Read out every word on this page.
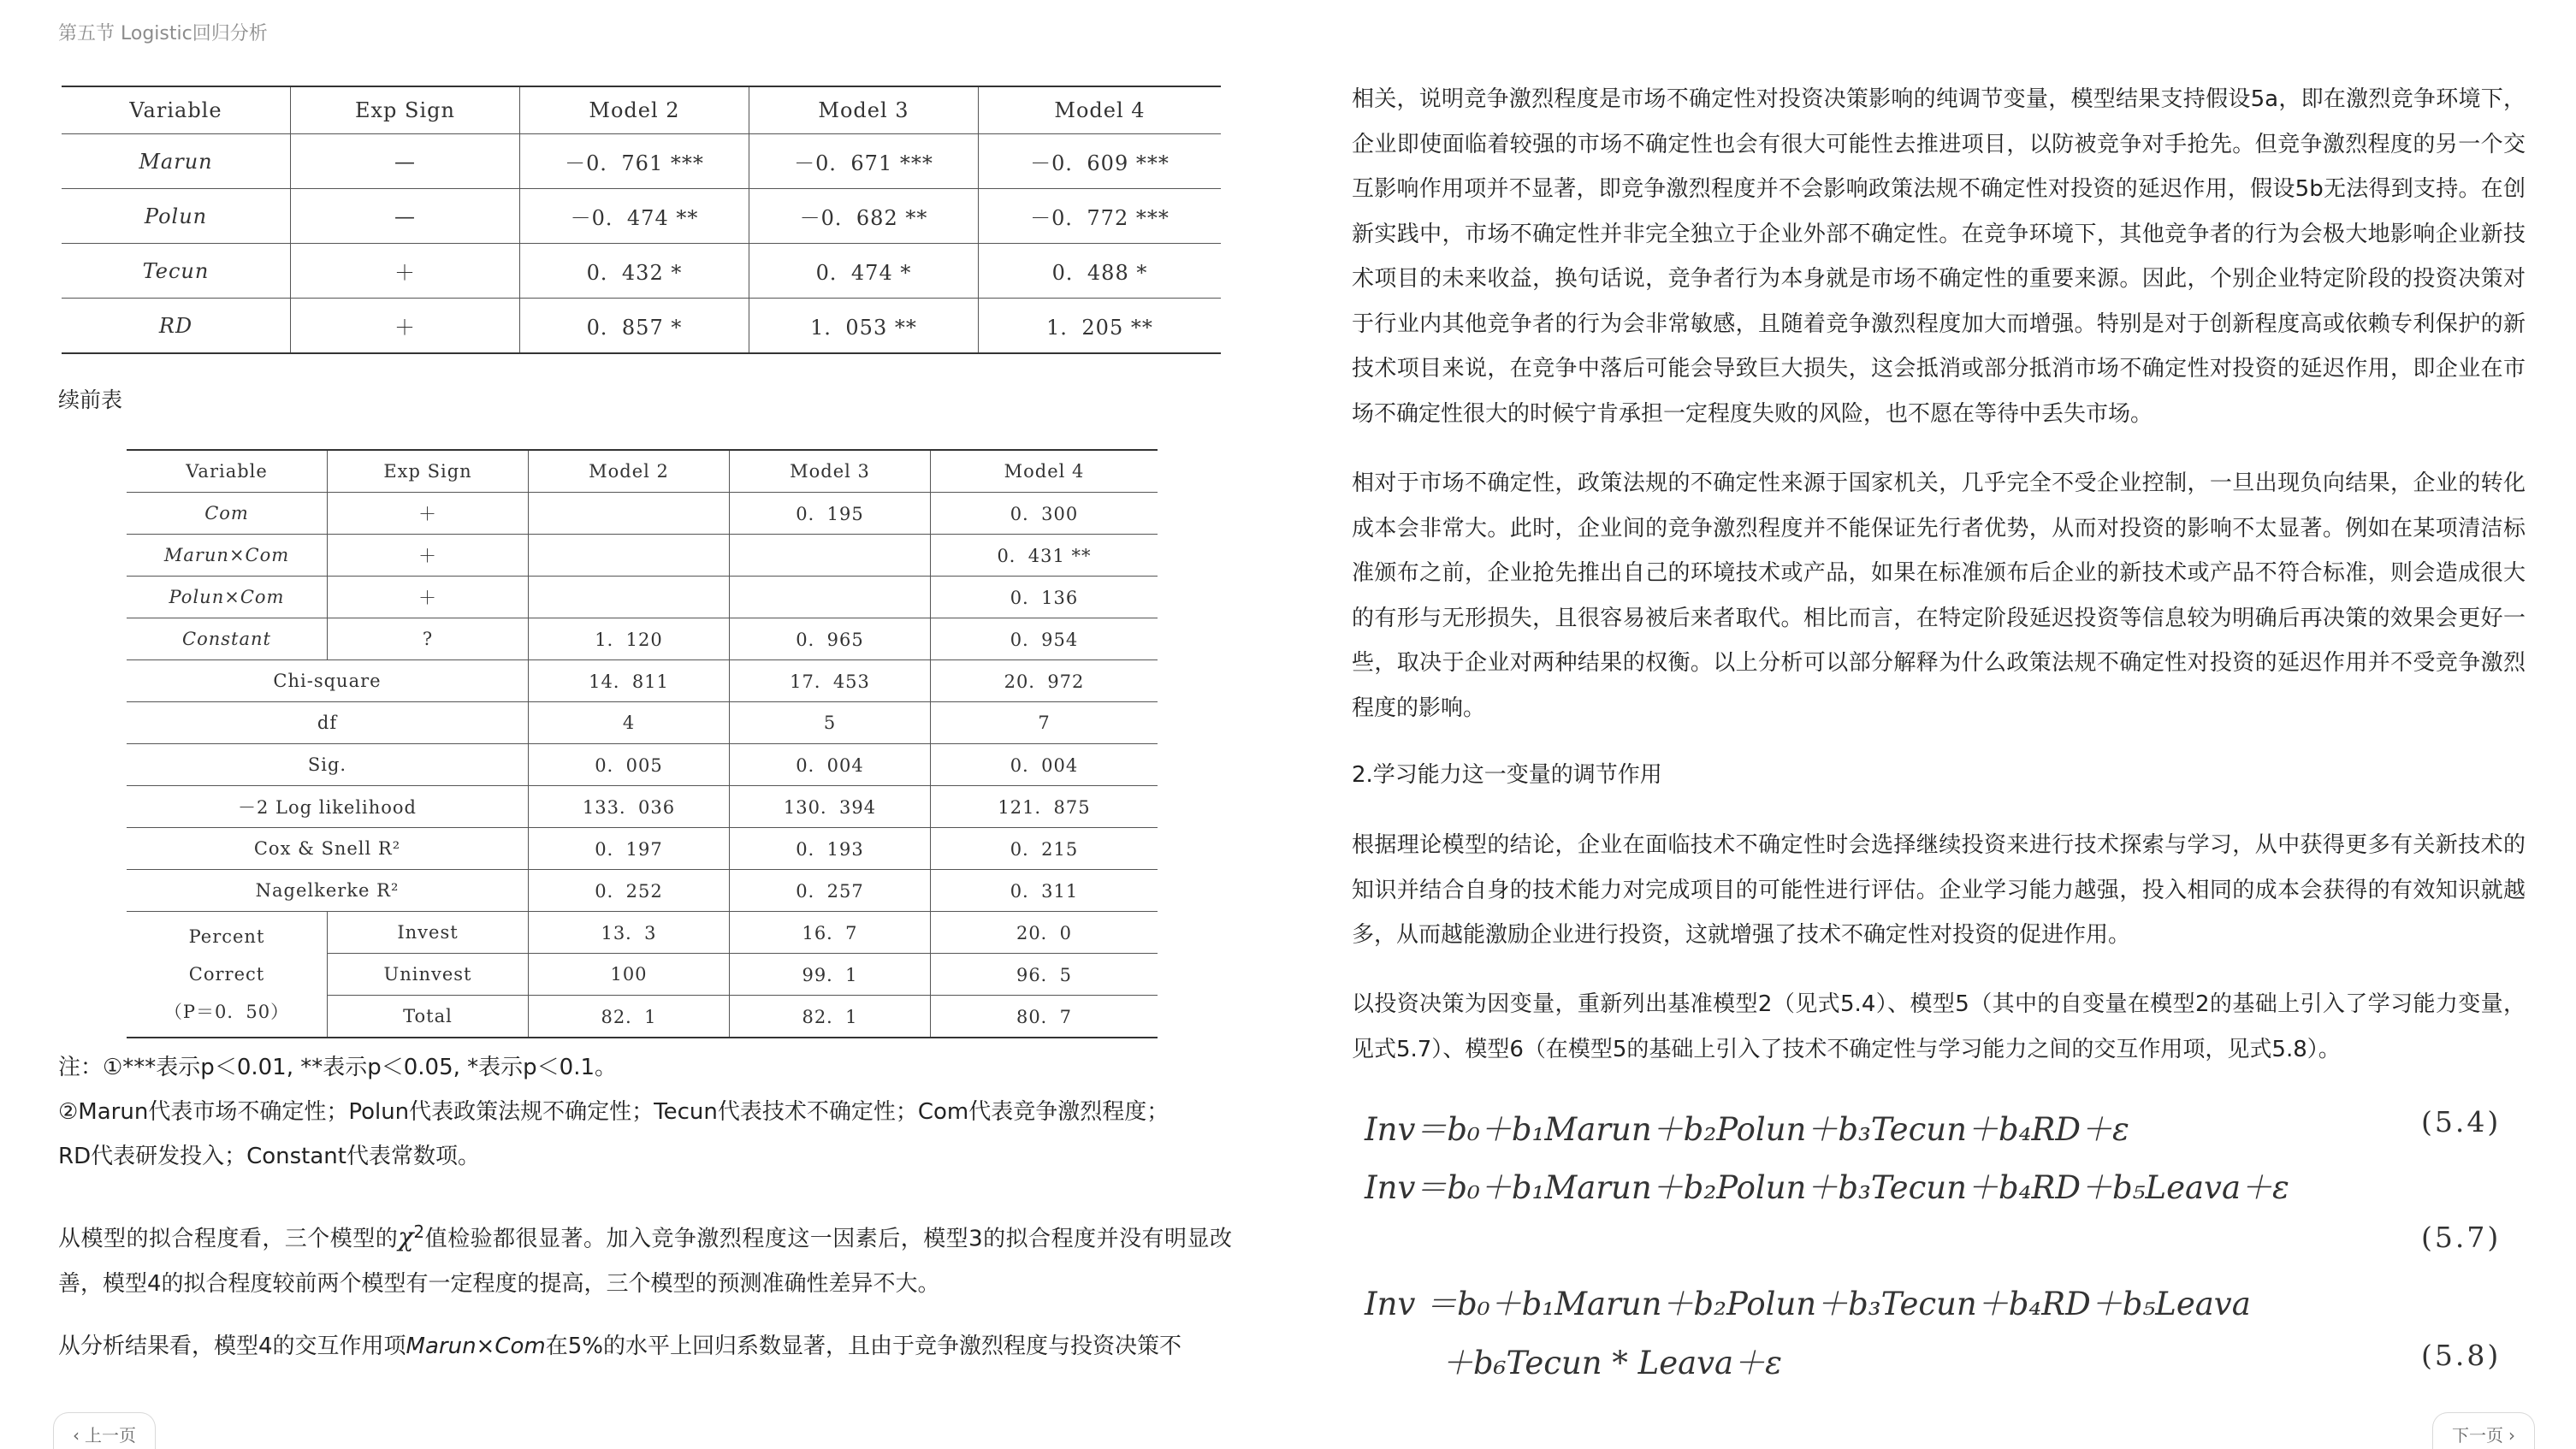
第五节 Logistic回归分析
Variable	Exp Sign	Model 2	Model 3	Model 4
Marun	—	－0．761 ***	－0．671 ***	－0．609 ***
Polun	—	－0．474 **	－0．682 **	－0．772 ***
Tecun	＋	0．432 *	0．474 *	0．488 *
RD	＋	0．857 *	1．053 **	1．205 **
续前表
Variable	Exp Sign	Model 2	Model 3	Model 4
Com	＋		0．195	0．300
Marun×Com	＋			0．431 **
Polun×Com	＋			0．136
Constant	?	1．120	0．965	0．954
Chi-square		14．811	17．453	20．972
df		4	5	7
Sig.		0．005	0．004	0．004
－2 Log likelihood		133．036	130．394	121．875
Cox & Snell R²		0．197	0．193	0．215
Nagelkerke R²		0．252	0．257	0．311

Percent
Correct
（P＝0．50）	Invest	13．3	16．7	20．0
	Uninvest	100	99．1	96．5
	Total	82．1	82．1	80．7
注：①***表示p＜0.01, **表示p＜0.05, *表示p＜0.1。
②Marun代表市场不确定性；Polun代表政策法规不确定性；Tecun代表技术不确定性；Com代表竞争激烈程度；
RD代表研发投入；Constant代表常数项。

从模型的拟合程度看，三个模型的$\chi^2$值检验都很显著。加入竞争激烈程度这一因素后，模型3的拟合程度并没有明显改善，模型4的拟合程度较前两个模型有一定程度的提高，三个模型的预测准确性差异不大。

从分析结果看，模型4的交互作用项Marun×Com在5%的水平上回归系数显著，且由于竞争激烈程度与投资决策不

相关，说明竞争激烈程度是市场不确定性对投资决策影响的纯调节变量，模型结果支持假设5a，即在激烈竞争环境下，企业即使面临着较强的市场不确定性也会有很大可能性去推进项目，以防被竞争对手抢先。但竞争激烈程度的另一个交互影响作用项并不显著，即竞争激烈程度并不会影响政策法规不确定性对投资的延迟作用，假设5b无法得到支持。在创新实践中，市场不确定性并非完全独立于企业外部不确定性。在竞争环境下，其他竞争者的行为会极大地影响企业新技术项目的未来收益，换句话说，竞争者行为本身就是市场不确定性的重要来源。因此，个别企业特定阶段的投资决策对于行业内其他竞争者的行为会非常敏感，且随着竞争激烈程度加大而增强。特别是对于创新程度高或依赖专利保护的新技术项目来说，在竞争中落后可能会导致巨大损失，这会抵消或部分抵消市场不确定性对投资的延迟作用，即企业在市场不确定性很大的时候宁肯承担一定程度失败的风险，也不愿在等待中丢失市场。

相对于市场不确定性，政策法规的不确定性来源于国家机关，几乎完全不受企业控制，一旦出现负向结果，企业的转化成本会非常大。此时，企业间的竞争激烈程度并不能保证先行者优势，从而对投资的影响不太显著。例如在某项清洁标准颁布之前，企业抢先推出自己的环境技术或产品，如果在标准颁布后企业的新技术或产品不符合标准，则会造成很大的有形与无形损失，且很容易被后来者取代。相比而言，在特定阶段延迟投资等信息较为明确后再决策的效果会更好一些，取决于企业对两种结果的权衡。以上分析可以部分解释为什么政策法规不确定性对投资的延迟作用并不受竞争激烈程度的影响。

2.学习能力这一变量的调节作用

根据理论模型的结论，企业在面临技术不确定性时会选择继续投资来进行技术探索与学习，从中获得更多有关新技术的知识并结合自身的技术能力对完成项目的可能性进行评估。企业学习能力越强，投入相同的成本会获得的有效知识就越多，从而越能激励企业进行投资，这就增强了技术不确定性对投资的促进作用。

以投资决策为因变量，重新列出基准模型2（见式5.4）、模型5（其中的自变量在模型2的基础上引入了学习能力变量，见式5.7）、模型6（在模型5的基础上引入了技术不确定性与学习能力之间的交互作用项，见式5.8）。

Inv＝b₀＋b₁Marun＋b₂Polun＋b₃Tecun＋b₄RD＋ε	(5.4)
Inv＝b₀＋b₁Marun＋b₂Polun＋b₃Tecun＋b₄RD＋b₅Leava＋ε
(5.7)
Inv ＝b₀＋b₁Marun＋b₂Polun＋b₃Tecun＋b₄RD＋b₅Leava
＋b₆Tecun * Leava＋ε	(5.8)
‹ 上一页	下一页 ›
